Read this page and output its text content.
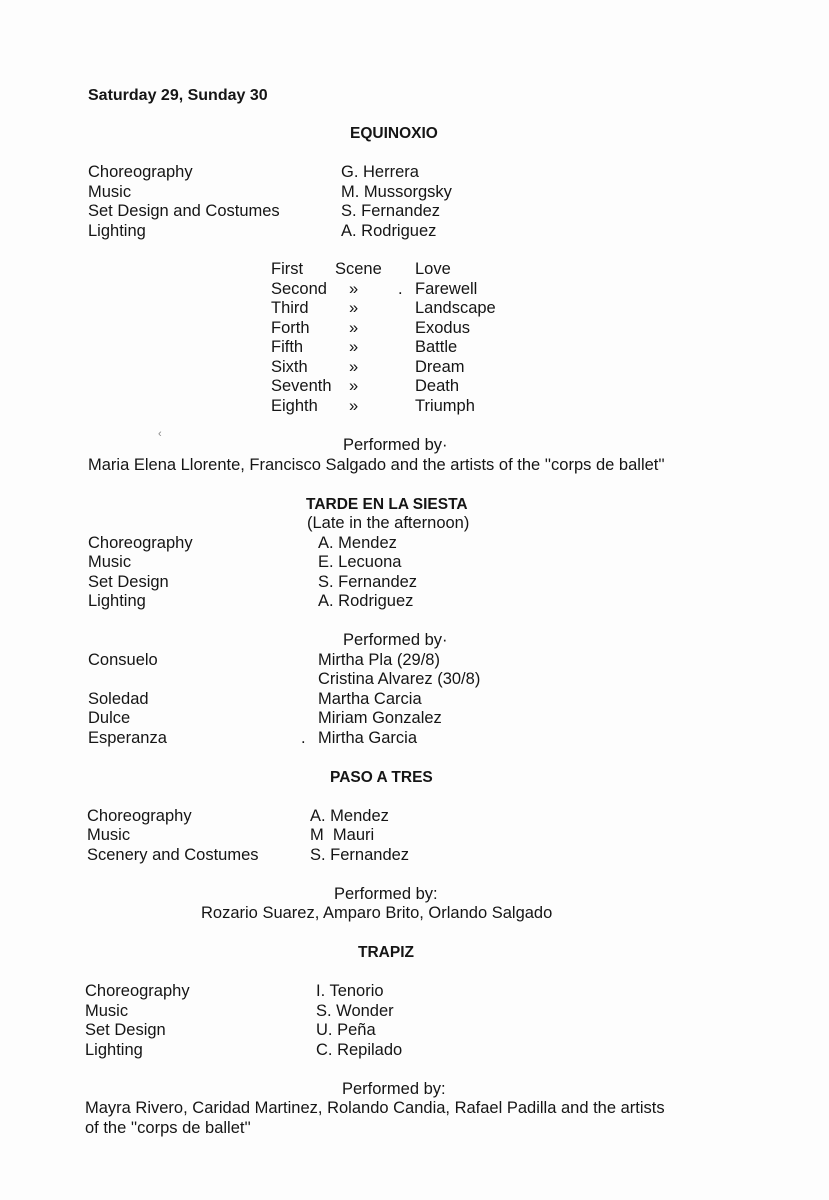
Saturday 29, Sunday 30
EQUINOXIO
Choreography	G. Herrera
Music	M. Mussorgsky
Set Design and Costumes	S. Fernandez
Lighting	A. Rodriguez
First Scene Love
Second » . Farewell
Third »	Landscape
Forth »	Exodus
Fifth	»	Battle
Sixth	»	Dream
Seventh »	Death
Eighth »	Triumph
‹
Performed by·
Maria Elena Llorente, Francisco Salgado and the artists of the ''corps de ballet''
TARDE EN LA SIESTA
(Late in the afternoon)
Choreography	A. Mendez
Music	E. Lecuona
Set Design	S. Fernandez
Lighting	A. Rodriguez
Performed by·
Consuelo	Mirtha Pla (29/8)
Cristina Alvarez (30/8)
Soledad	Martha Carcia
Dulce	Miriam Gonzalez
Esperanza	. Mirtha Garcia
PASO A TRES
Choreography	A. Mendez
Music	M  Mauri
Scenery and Costumes	S. Fernandez
Performed by:
Rozario Suarez, Amparo Brito, Orlando Salgado
TRAPIZ
Choreography	I. Tenorio
Music	S. Wonder
Set Design	U. Peña
Lighting	C. Repilado
Performed by:
Mayra Rivero, Caridad Martinez, Rolando Candia, Rafael Padilla and the artists
of the ''corps de ballet''
